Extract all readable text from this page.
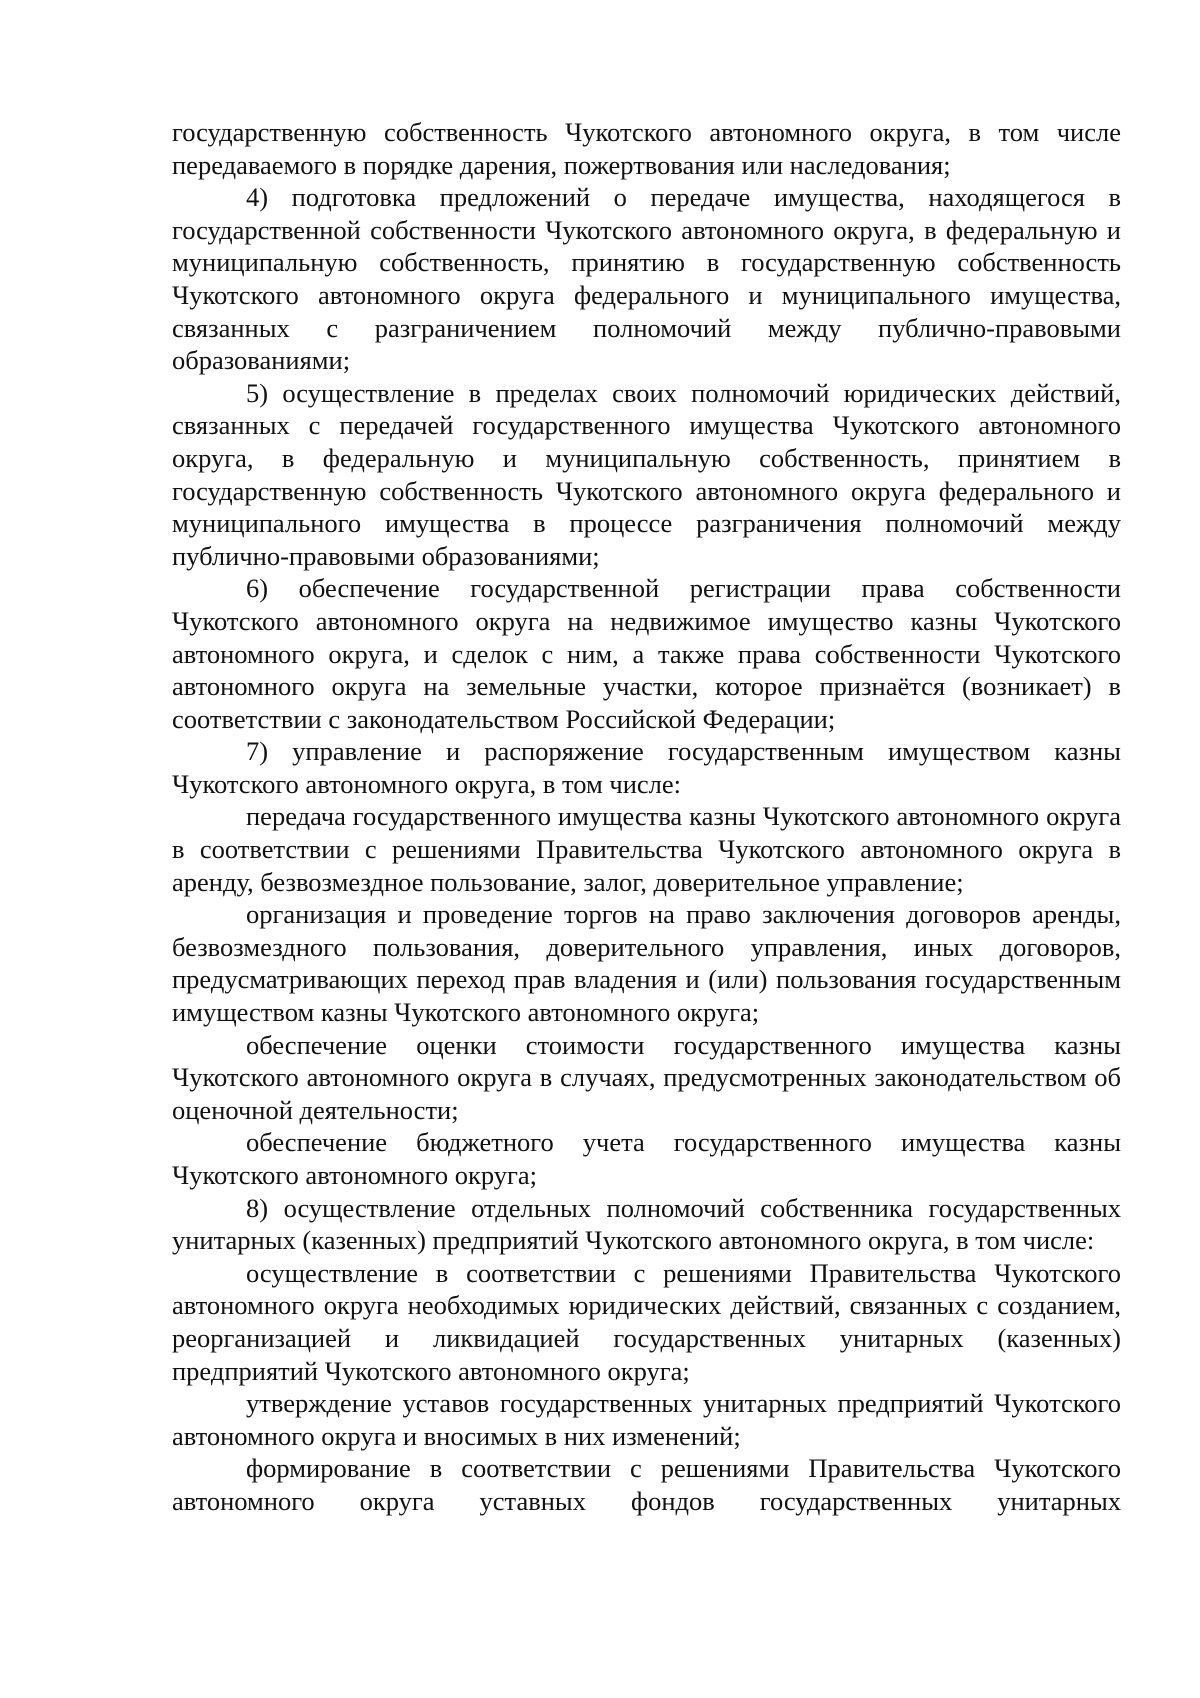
государственную собственность Чукотского автономного округа, в том числе передаваемого в порядке дарения, пожертвования или наследования;

4) подготовка предложений о передаче имущества, находящегося в государственной собственности Чукотского автономного округа, в федеральную и муниципальную собственность, принятию в государственную собственность Чукотского автономного округа федерального и муниципального имущества, связанных с разграничением полномочий между публично-правовыми образованиями;

5) осуществление в пределах своих полномочий юридических действий, связанных с передачей государственного имущества Чукотского автономного округа, в федеральную и муниципальную собственность, принятием в государственную собственность Чукотского автономного округа федерального и муниципального имущества в процессе разграничения полномочий между публично-правовыми образованиями;

6) обеспечение государственной регистрации права собственности Чукотского автономного округа на недвижимое имущество казны Чукотского автономного округа, и сделок с ним, а также права собственности Чукотского автономного округа на земельные участки, которое признаётся (возникает) в соответствии с законодательством Российской Федерации;

7) управление и распоряжение государственным имуществом казны Чукотского автономного округа, в том числе:

передача государственного имущества казны Чукотского автономного округа в соответствии с решениями Правительства Чукотского автономного округа в аренду, безвозмездное пользование, залог, доверительное управление;

организация и проведение торгов на право заключения договоров аренды, безвозмездного пользования, доверительного управления, иных договоров, предусматривающих переход прав владения и (или) пользования государственным имуществом казны Чукотского автономного округа;

обеспечение оценки стоимости государственного имущества казны Чукотского автономного округа в случаях, предусмотренных законодательством об оценочной деятельности;

обеспечение бюджетного учета государственного имущества казны Чукотского автономного округа;

8) осуществление отдельных полномочий собственника государственных унитарных (казенных) предприятий Чукотского автономного округа, в том числе:

осуществление в соответствии с решениями Правительства Чукотского автономного округа необходимых юридических действий, связанных с созданием, реорганизацией и ликвидацией государственных унитарных (казенных) предприятий Чукотского автономного округа;

утверждение уставов государственных унитарных предприятий Чукотского автономного округа и вносимых в них изменений;

формирование в соответствии с решениями Правительства Чукотского автономного округа уставных фондов государственных унитарных
